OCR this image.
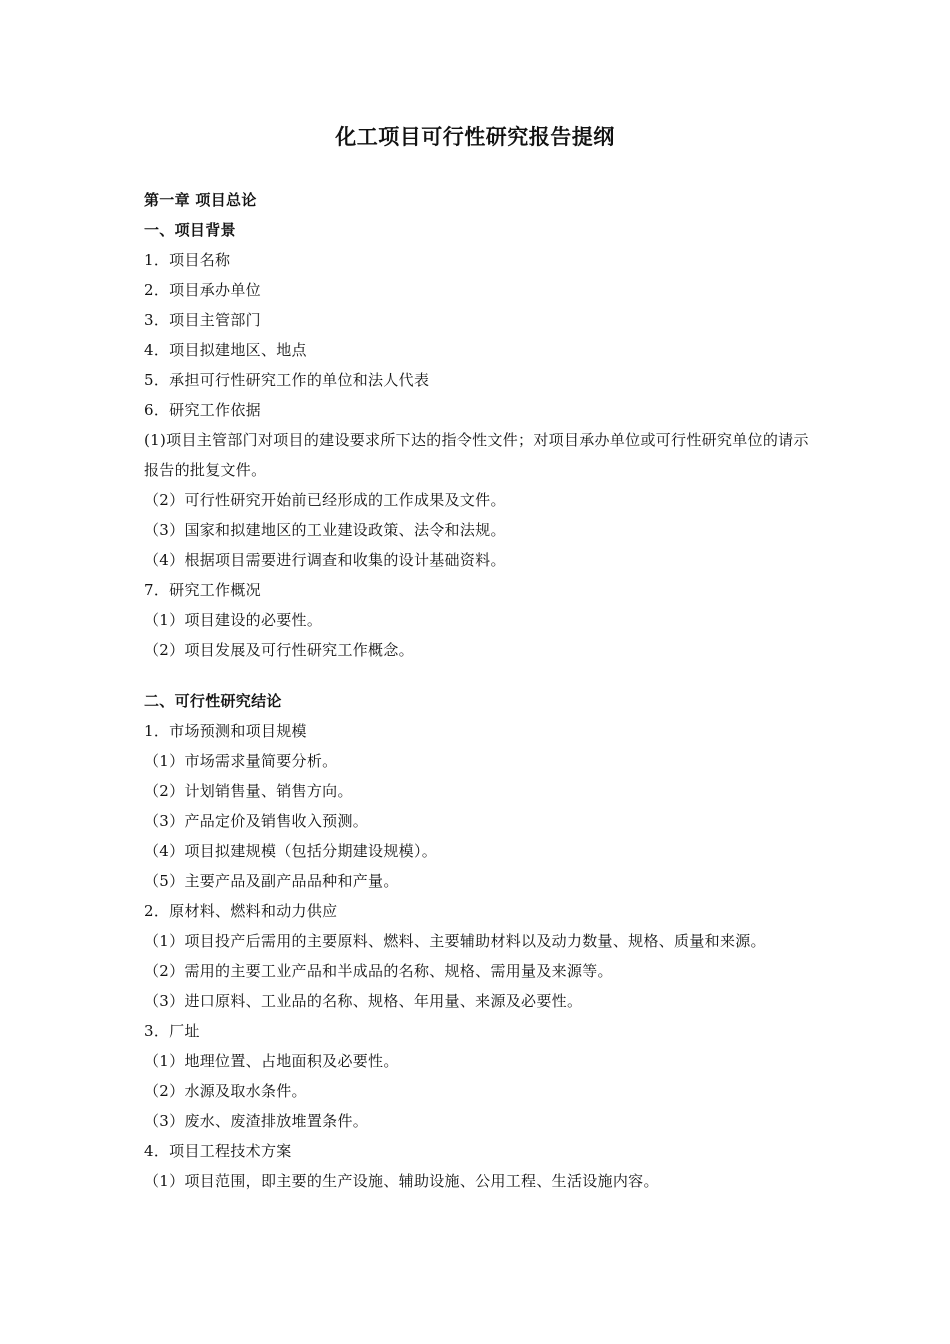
化工项目可行性研究报告提纲
第一章 项目总论
一、项目背景
1．项目名称
2．项目承办单位
3．项目主管部门
4．项目拟建地区、地点
5．承担可行性研究工作的单位和法人代表
6．研究工作依据
(1)项目主管部门对项目的建设要求所下达的指令性文件；对项目承办单位或可行性研究单位的请示报告的批复文件。
（2）可行性研究开始前已经形成的工作成果及文件。
（3）国家和拟建地区的工业建设政策、法令和法规。
（4）根据项目需要进行调查和收集的设计基础资料。
7．研究工作概况
（1）项目建设的必要性。
（2）项目发展及可行性研究工作概念。
二、可行性研究结论
1．市场预测和项目规模
（1）市场需求量简要分析。
（2）计划销售量、销售方向。
（3）产品定价及销售收入预测。
（4）项目拟建规模（包括分期建设规模）。
（5）主要产品及副产品品种和产量。
2．原材料、燃料和动力供应
（1）项目投产后需用的主要原料、燃料、主要辅助材料以及动力数量、规格、质量和来源。
（2）需用的主要工业产品和半成品的名称、规格、需用量及来源等。
（3）进口原料、工业品的名称、规格、年用量、来源及必要性。
3．厂址
（1）地理位置、占地面积及必要性。
（2）水源及取水条件。
（3）废水、废渣排放堆置条件。
4．项目工程技术方案
（1）项目范围，即主要的生产设施、辅助设施、公用工程、生活设施内容。
